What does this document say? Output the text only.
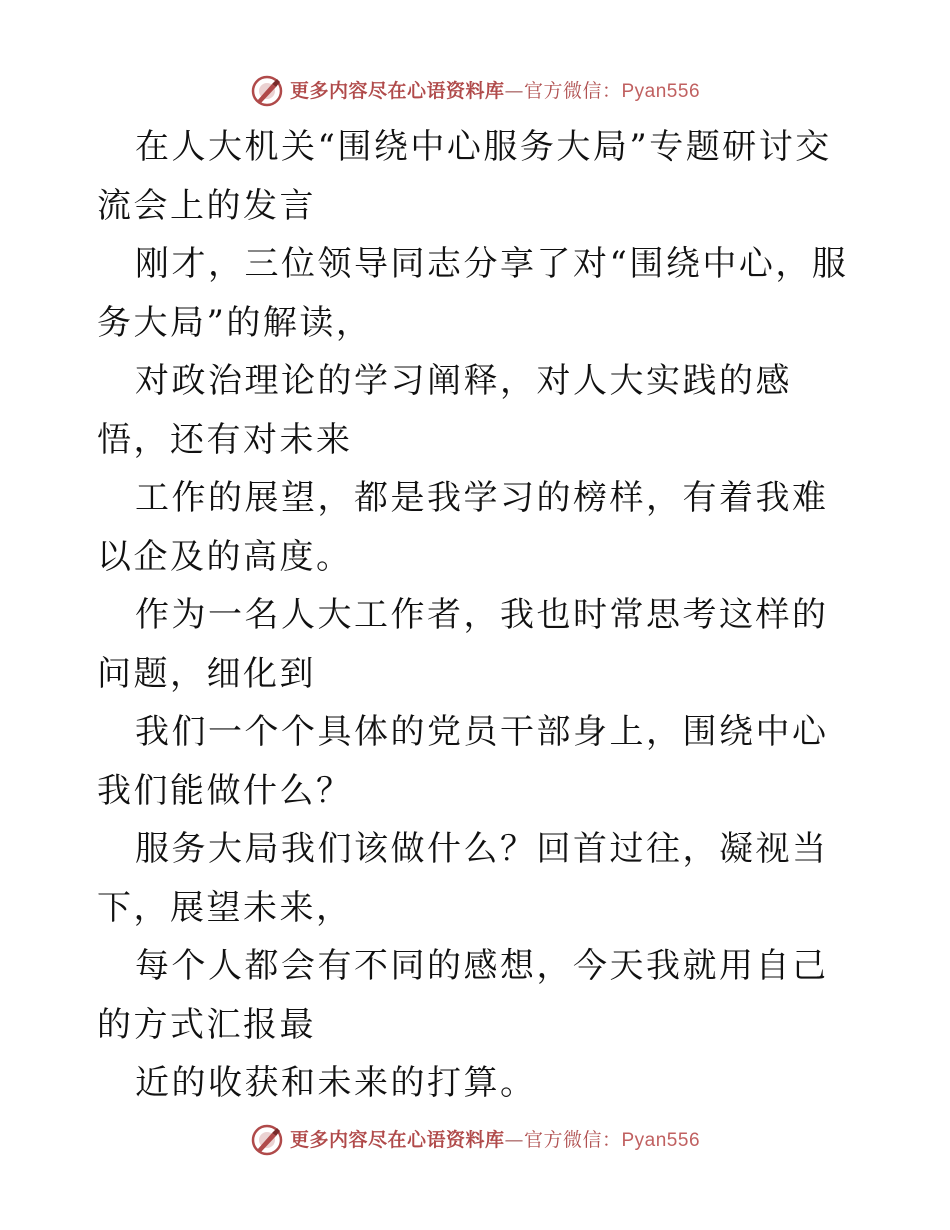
更多内容尽在心语资料库—官方微信：Pyan556

在人大机关“围绕中心服务大局”专题研讨交流会上的发言

刚才，三位领导同志分享了对“围绕中心，服务大局”的解读，

对政治理论的学习阐释，对人大实践的感悟，还有对未来

工作的展望，都是我学习的榜样，有着我难以企及的高度。

作为一名人大工作者，我也时常思考这样的问题，细化到

我们一个个具体的党员干部身上，围绕中心我们能做什么？

服务大局我们该做什么？回首过往，凝视当下，展望未来，

每个人都会有不同的感想，今天我就用自己的方式汇报最

近的收获和未来的打算。

更多内容尽在心语资料库—官方微信：Pyan556
